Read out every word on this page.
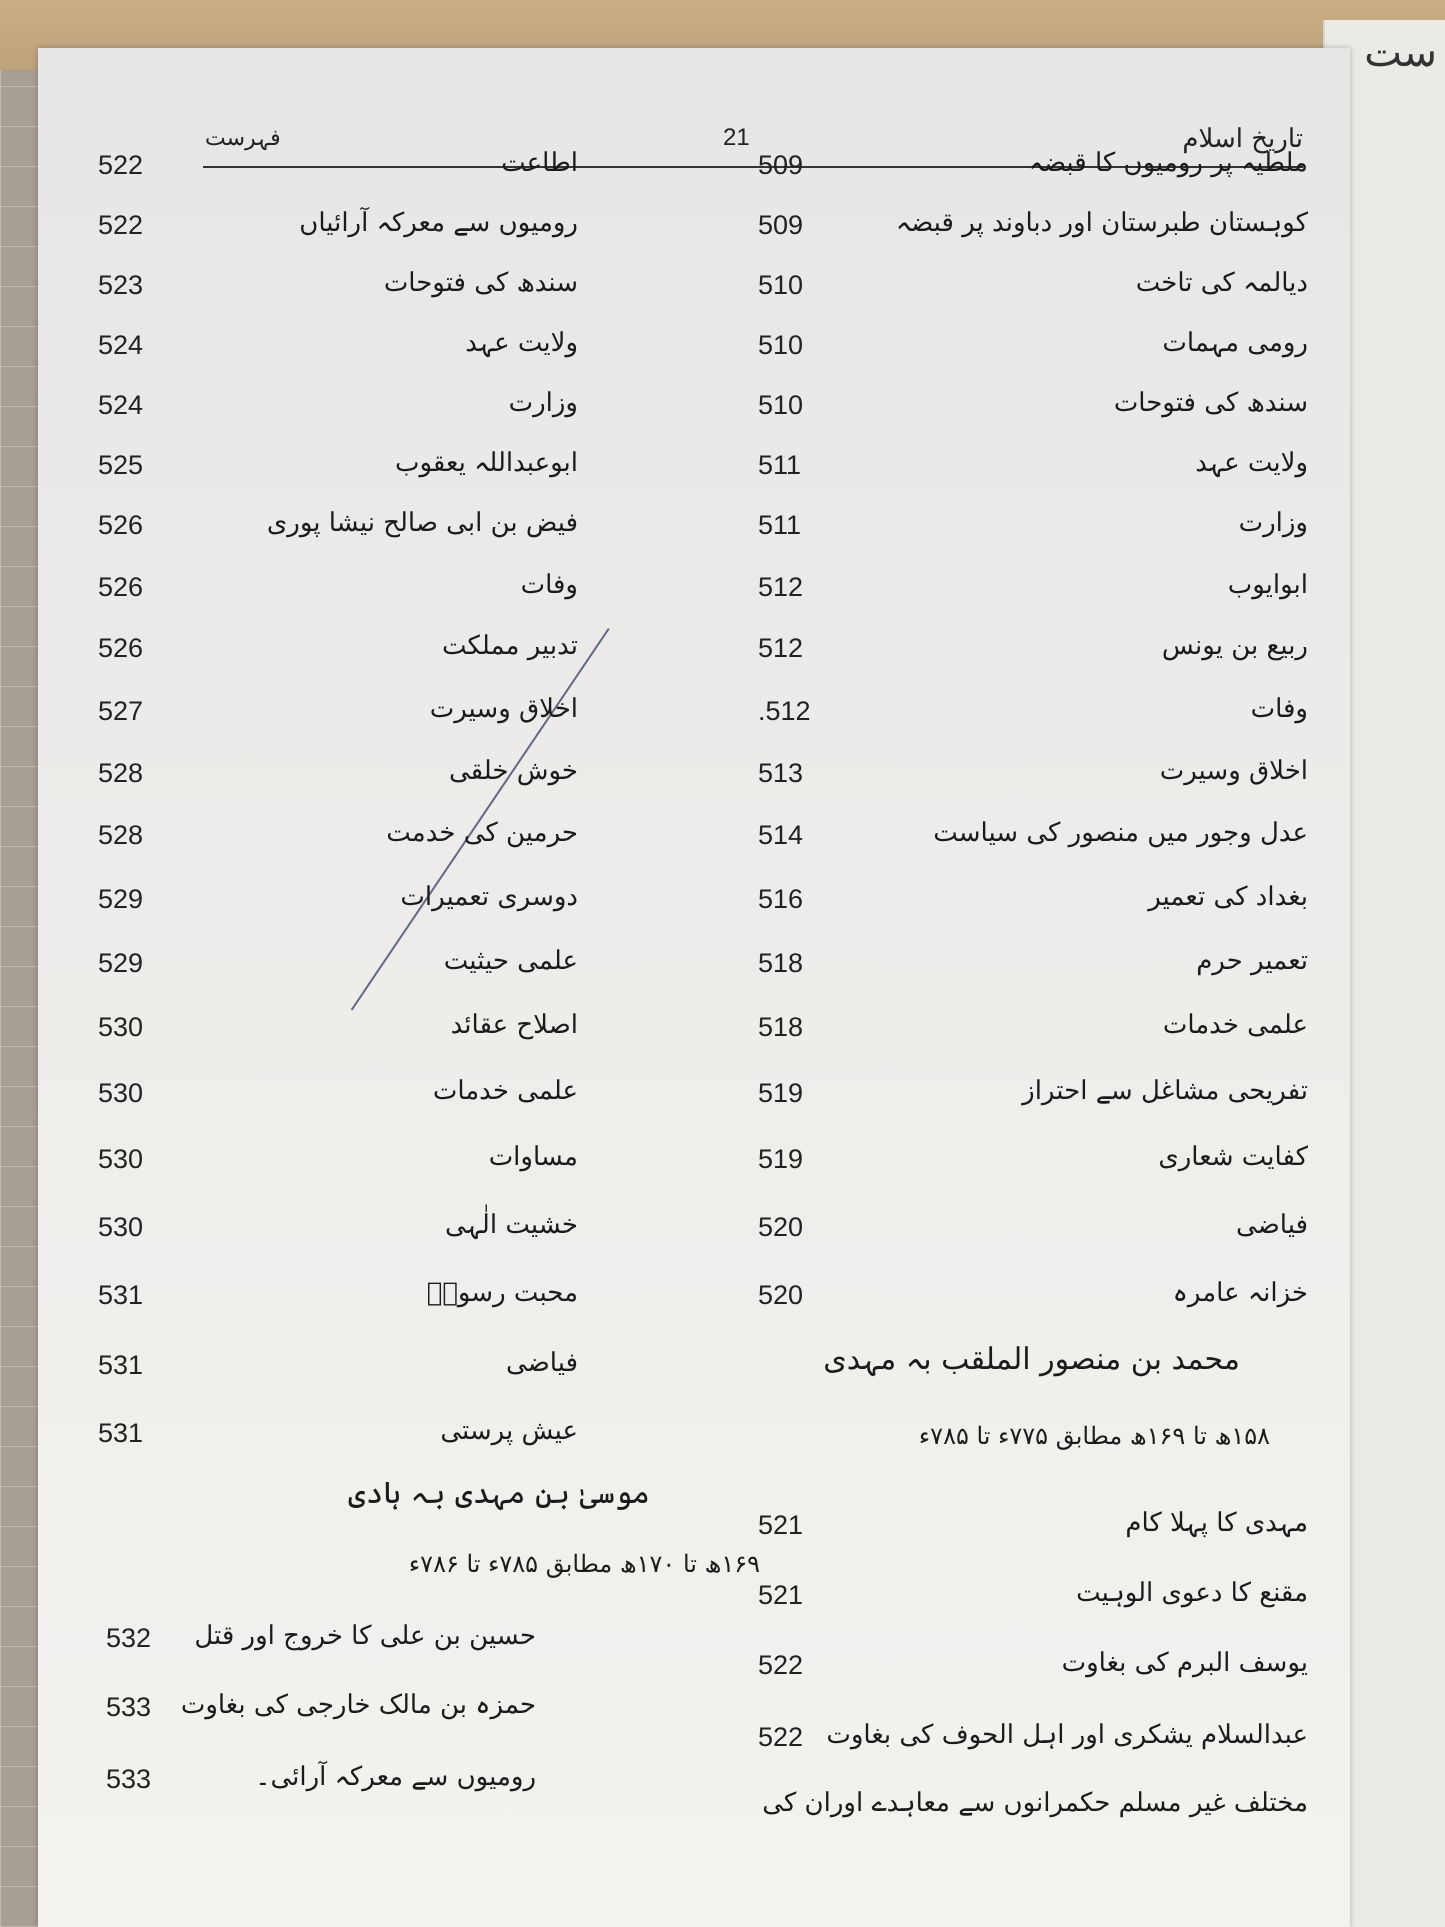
ست
تاریخ اسلام
21
فہرست
509	ملطیہ پر رومیوں کا قبضہ
509	کوہستان طبرستان اور دباوند پر قبضہ
510	دیالمہ کی تاخت
510	رومی مہمات
510	سندھ کی فتوحات
511	ولایت عہد
511	وزارت
512	ابوایوب
512	ربیع بن یونس
.512	وفات
513	اخلاق وسیرت
514	عدل وجور میں منصور کی سیاست
516	بغداد کی تعمیر
518	تعمیر حرم
518	علمی خدمات
519	تفریحی مشاغل سے احتراز
519	کفایت شعاری
520	فیاضی
520	خزانہ عامرہ
521	مہدی کا پہلا کام
521	مقنع کا دعوی الوہیت
522	یوسف البرم کی بغاوت
522 عبدالسلام یشکری اور اہل الحوف کی بغاوت
مختلف غیر مسلم حکمرانوں سے معاہدے اوران کی
522	اطاعت
522	رومیوں سے معرکہ آرائیاں
523	سندھ کی فتوحات
524	ولایت عہد
524	وزارت
525	ابوعبداللہ یعقوب
526	فیض بن ابی صالح نیشا پوری
526	وفات
526	تدبیر مملکت
527	اخلاق وسیرت
528	خوش خلقی
528	حرمین کی خدمت
529	دوسری تعمیرات
529	علمی حیثیت
530	اصلاح عقائد
530	علمی خدمات
530	مساوات
530	خشیت الٰہی
531	محبت رسولؐ
531	فیاضی
531	عیش پرستی
532 حسین بن علی کا خروج اور قتل
533 حمزہ بن مالک خارجی کی بغاوت
533	رومیوں سے معرکہ آرائی۔
محمد بن منصور الملقب بہ مہدی
۱۵۸ھ تا ۱۶۹ھ مطابق ۷۷۵ء تا ۷۸۵ء
موسیٰ بن مہدی بہ ہادی
۱۶۹ھ تا ۱۷۰ھ مطابق ۷۸۵ء تا ۷۸۶ء
